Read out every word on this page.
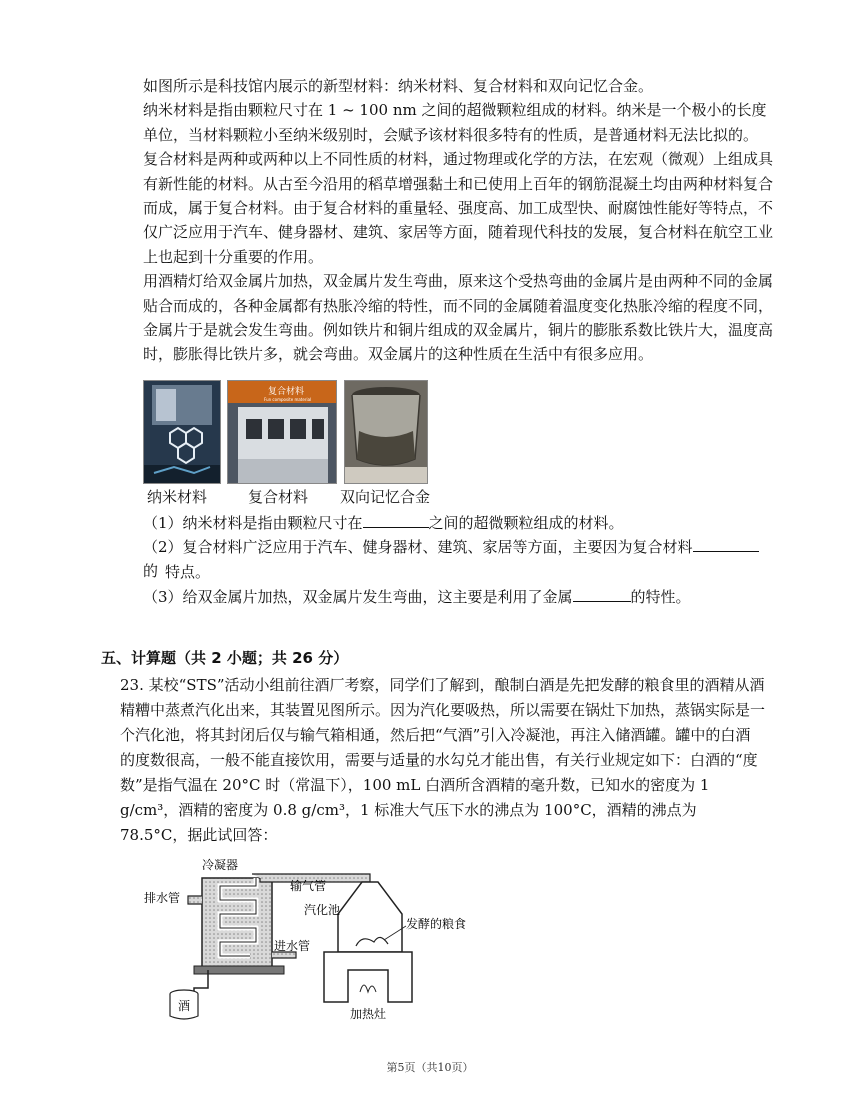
如图所示是科技馆内展示的新型材料：纳米材料、复合材料和双向记忆合金。

纳米材料是指由颗粒尺寸在 1 ~ 100 nm 之间的超微颗粒组成的材料。纳米是一个极小的长度单位，当材料颗粒小至纳米级别时，会赋予该材料很多特有的性质，是普通材料无法比拟的。

复合材料是两种或两种以上不同性质的材料，通过物理或化学的方法，在宏观（微观）上组成具有新性能的材料。从古至今沿用的稻草增强黏土和已使用上百年的钢筋混凝土均由两种材料复合而成，属于复合材料。由于复合材料的重量轻、强度高、加工成型快、耐腐蚀性能好等特点，不仅广泛应用于汽车、健身器材、建筑、家居等方面，随着现代科技的发展，复合材料在航空工业上也起到十分重要的作用。

用酒精灯给双金属片加热，双金属片发生弯曲，原来这个受热弯曲的金属片是由两种不同的金属贴合而成的，各种金属都有热胀冷缩的特性，而不同的金属随着温度变化热胀冷缩的程度不同，金属片于是就会发生弯曲。例如铁片和铜片组成的双金属片，铜片的膨胀系数比铁片大，温度高时，膨胀得比铁片多，就会弯曲。双金属片的这种性质在生活中有很多应用。

复合材料
Fun composite material
纳米材料	复合材料 双向记忆合金
（1）纳米材料是指由颗粒尺寸在	之间的超微颗粒组成的材料。
（2）复合材料广泛应用于汽车、健身器材、建筑、家居等方面，主要因为复合材料的 特点。
（3）给双金属片加热，双金属片发生弯曲，这主要是利用了金属	的特性。
五、计算题（共 2 小题；共 26 分）

23. 某校“STS”活动小组前往酒厂考察，同学们了解到，酿制白酒是先把发酵的粮食里的酒精从酒精糟中蒸煮汽化出来，其装置见图所示。因为汽化要吸热，所以需要在锅灶下加热，蒸锅实际是一个汽化池，将其封闭后仅与输气箱相通，然后把“气酒”引入冷凝池，再注入储酒罐。罐中的白酒的度数很高，一般不能直接饮用，需要与适量的水勾兑才能出售，有关行业规定如下：白酒的“度数”是指气温在 20°C 时（常温下），100 mL 白酒所含酒精的毫升数，已知水的密度为 1 g/cm³，酒精的密度为 0.8 g/cm³，1 标准大气压下水的沸点为 100°C，酒精的沸点为 78.5°C，据此试回答：

冷凝器
排水管
输气管
汽化池
发酵的粮食
进水管
酒
加热灶
第5页（共10页）
